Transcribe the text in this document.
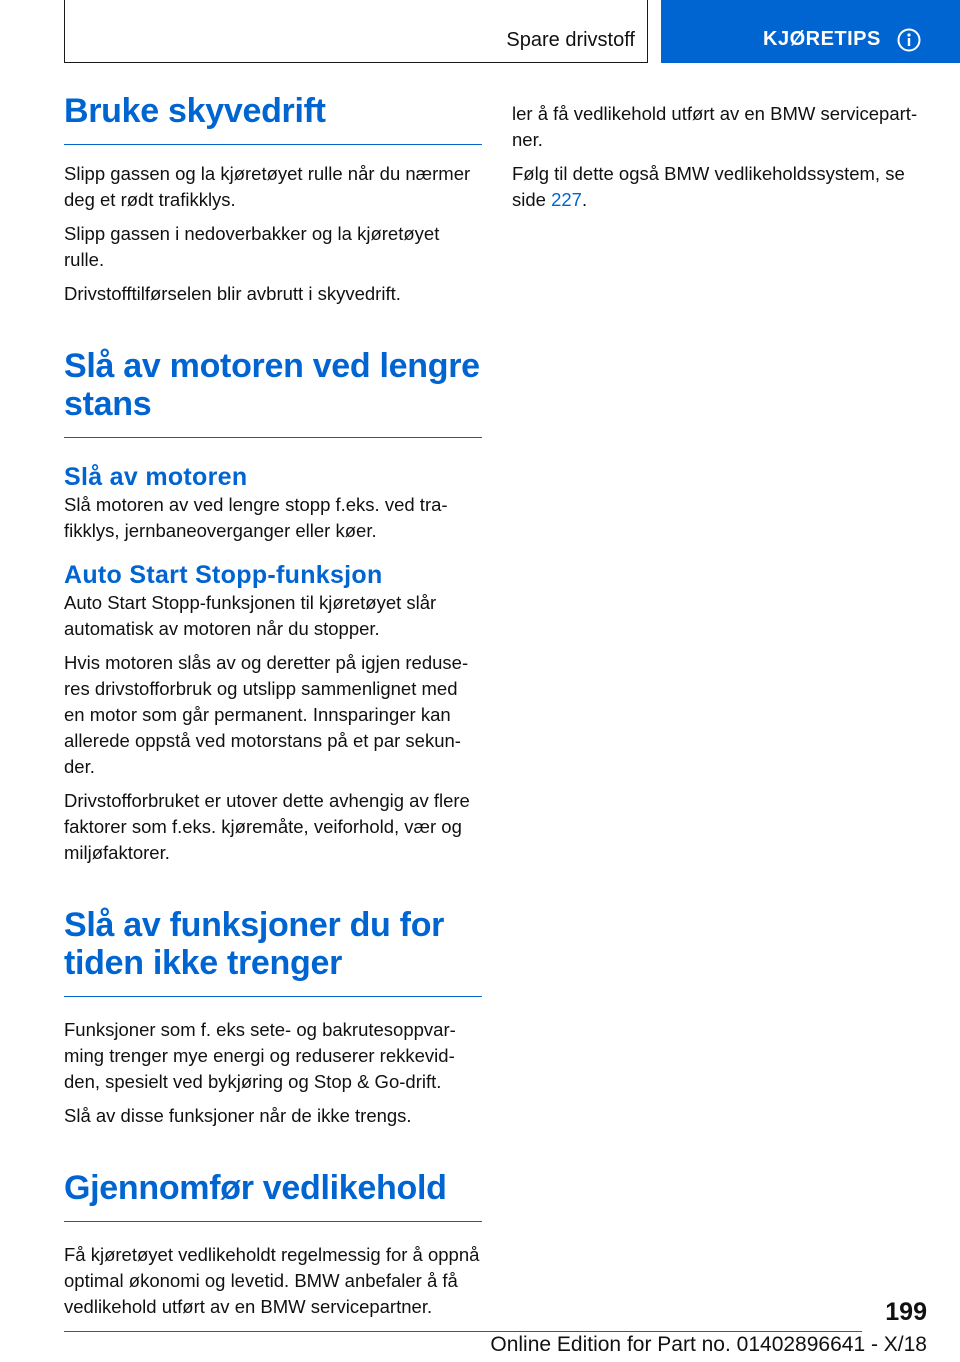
Spare drivstoff	KJØRETIPS
Bruke skyvedrift

Slipp gassen og la kjøretøyet rulle når du nærmer deg et rødt trafikklys.

Slipp gassen i nedoverbakker og la kjøretøyet rulle.

Drivstofftilførselen blir avbrutt i skyvedrift.

Slå av motoren ved lengre stans
Slå av motoren

Slå motoren av ved lengre stopp f.eks. ved trafikklys, jernbaneoverganger eller køer.

Auto Start Stopp-funksjon

Auto Start Stopp-funksjonen til kjøretøyet slår automatisk av motoren når du stopper.

Hvis motoren slås av og deretter på igjen reduseres drivstofforbruk og utslipp sammenlignet med en motor som går permanent. Innsparinger kan allerede oppstå ved motorstans på et par sekunder.

Drivstofforbruket er utover dette avhengig av flere faktorer som f.eks. kjøremåte, veiforhold, vær og miljøfaktorer.

Slå av funksjoner du for tiden ikke trenger

Funksjoner som f. eks sete- og bakrutesoppvarming trenger mye energi og reduserer rekkevidden, spesielt ved bykjøring og Stop & Go-drift.

Slå av disse funksjoner når de ikke trengs.

Gjennomfør vedlikehold

Få kjøretøyet vedlikeholdt regelmessig for å oppnå optimal økonomi og levetid. BMW anbefaler å få vedlikehold utført av en BMW servicepartner.

ler å få vedlikehold utført av en BMW servicepartner.

Følg til dette også BMW vedlikeholdssystem, se side 227.

199
Online Edition for Part no. 01402896641 - X/18
